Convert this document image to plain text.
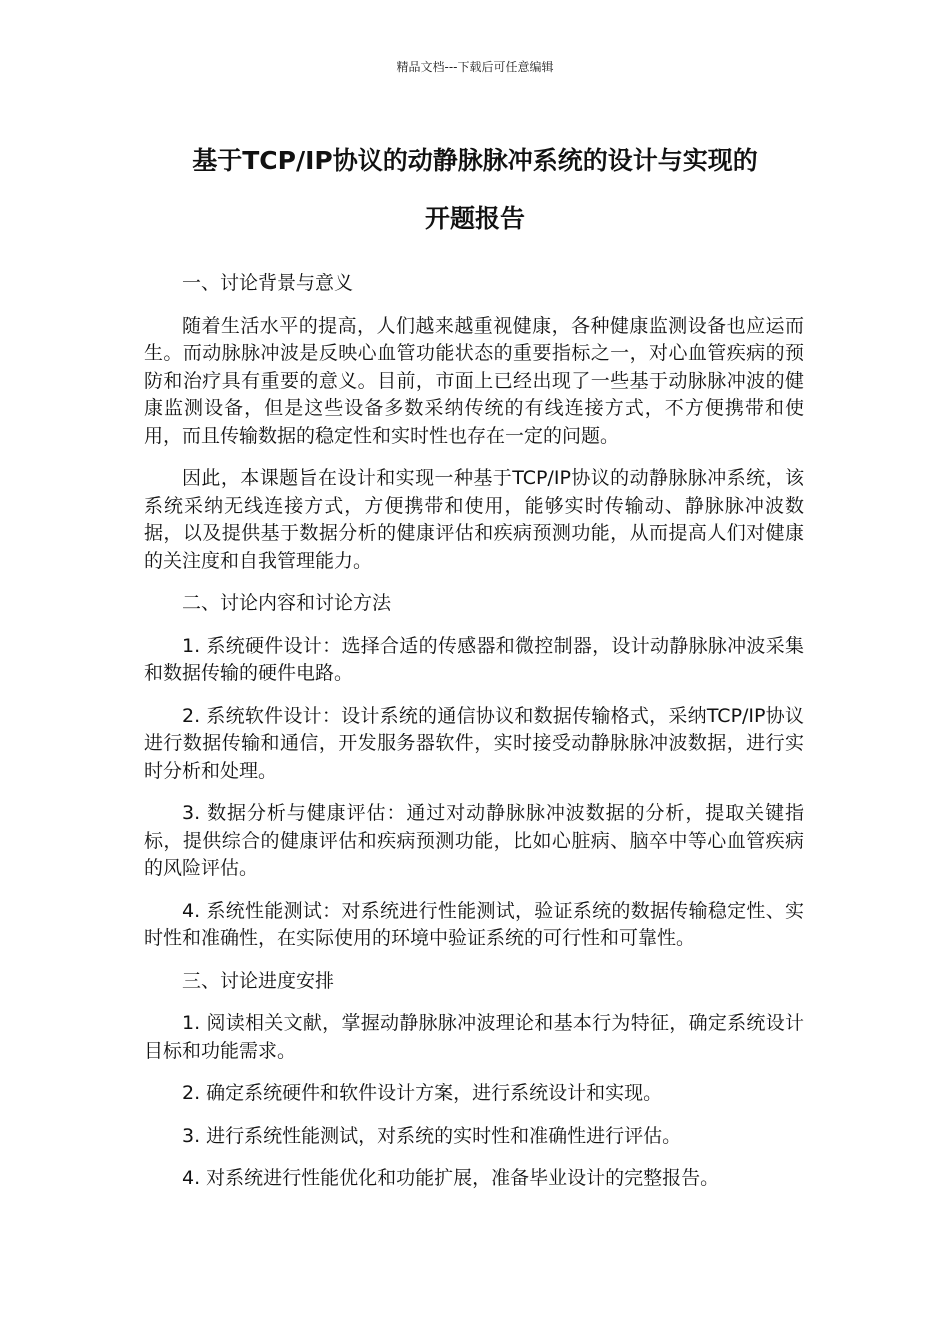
精品文档---下载后可任意编辑
基于TCP/IP协议的动静脉脉冲系统的设计与实现的
开题报告

一、讨论背景与意义

随着生活水平的提高，人们越来越重视健康，各种健康监测设备也应运而生。而动脉脉冲波是反映心血管功能状态的重要指标之一，对心血管疾病的预防和治疗具有重要的意义。目前，市面上已经出现了一些基于动脉脉冲波的健康监测设备，但是这些设备多数采纳传统的有线连接方式，不方便携带和使用，而且传输数据的稳定性和实时性也存在一定的问题。

因此，本课题旨在设计和实现一种基于TCP/IP协议的动静脉脉冲系统，该系统采纳无线连接方式，方便携带和使用，能够实时传输动、静脉脉冲波数据，以及提供基于数据分析的健康评估和疾病预测功能，从而提高人们对健康的关注度和自我管理能力。

二、讨论内容和讨论方法

1. 系统硬件设计：选择合适的传感器和微控制器，设计动静脉脉冲波采集和数据传输的硬件电路。

2. 系统软件设计：设计系统的通信协议和数据传输格式，采纳TCP/IP协议进行数据传输和通信，开发服务器软件，实时接受动静脉脉冲波数据，进行实时分析和处理。

3. 数据分析与健康评估：通过对动静脉脉冲波数据的分析，提取关键指标，提供综合的健康评估和疾病预测功能，比如心脏病、脑卒中等心血管疾病的风险评估。

4. 系统性能测试：对系统进行性能测试，验证系统的数据传输稳定性、实时性和准确性，在实际使用的环境中验证系统的可行性和可靠性。

三、讨论进度安排

1. 阅读相关文献，掌握动静脉脉冲波理论和基本行为特征，确定系统设计目标和功能需求。

2. 确定系统硬件和软件设计方案，进行系统设计和实现。

3. 进行系统性能测试，对系统的实时性和准确性进行评估。

4. 对系统进行性能优化和功能扩展，准备毕业设计的完整报告。
